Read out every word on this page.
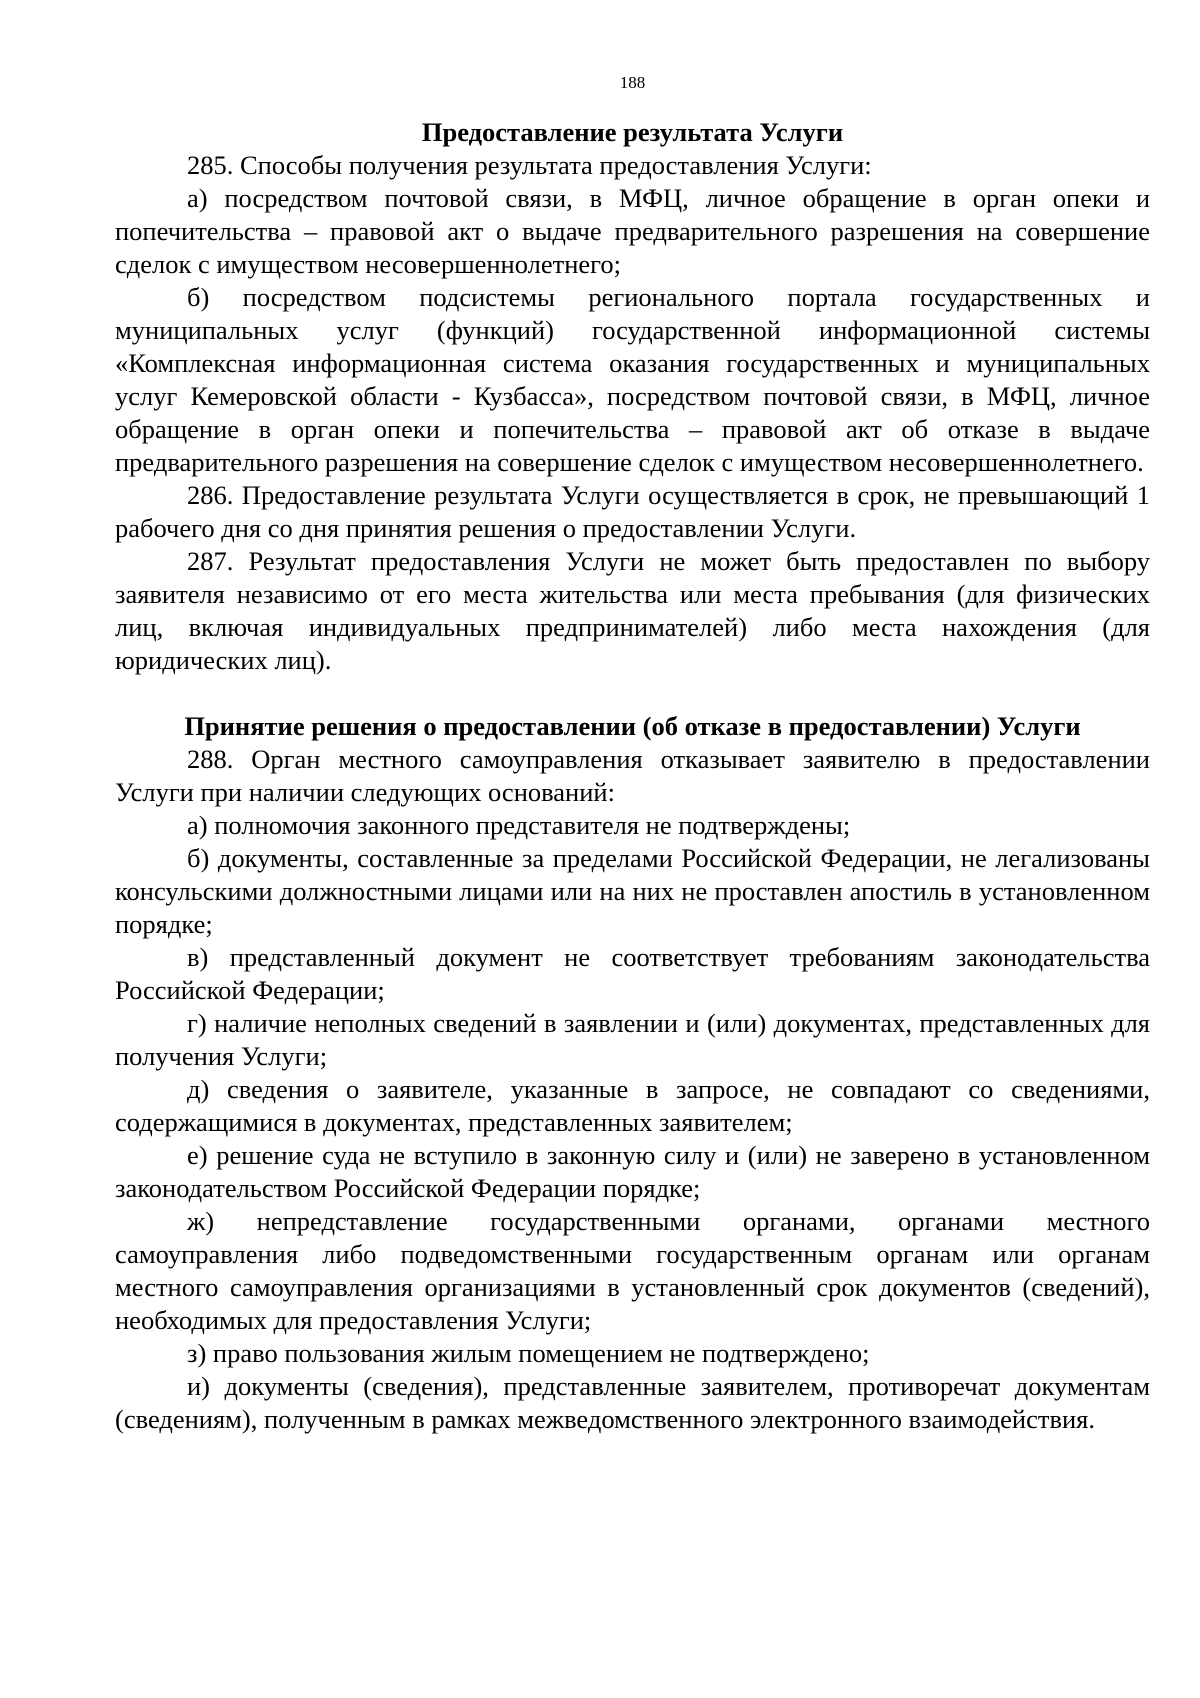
188
Предоставление результата Услуги

285. Способы получения результата предоставления Услуги:

а) посредством почтовой связи, в МФЦ, личное обращение в орган опеки и попечительства – правовой акт о выдаче предварительного разрешения на совершение сделок с имуществом несовершеннолетнего;

б) посредством подсистемы регионального портала государственных и муниципальных услуг (функций) государственной информационной системы «Комплексная информационная система оказания государственных и муниципальных услуг Кемеровской области - Кузбасса», посредством почтовой связи, в МФЦ, личное обращение в орган опеки и попечительства – правовой акт об отказе в выдаче предварительного разрешения на совершение сделок с имуществом несовершеннолетнего.

286. Предоставление результата Услуги осуществляется в срок, не превышающий 1 рабочего дня со дня принятия решения о предоставлении Услуги.

287. Результат предоставления Услуги не может быть предоставлен по выбору заявителя независимо от его места жительства или места пребывания (для физических лиц, включая индивидуальных предпринимателей) либо места нахождения (для юридических лиц).

Принятие решения о предоставлении (об отказе в предоставлении) Услуги

288. Орган местного самоуправления отказывает заявителю в предоставлении Услуги при наличии следующих оснований:

а) полномочия законного представителя не подтверждены;

б) документы, составленные за пределами Российской Федерации, не легализованы консульскими должностными лицами или на них не проставлен апостиль в установленном порядке;

в) представленный документ не соответствует требованиям законодательства Российской Федерации;

г) наличие неполных сведений в заявлении и (или) документах, представленных для получения Услуги;

д) сведения о заявителе, указанные в запросе, не совпадают со сведениями, содержащимися в документах, представленных заявителем;

е) решение суда не вступило в законную силу и (или) не заверено в установленном законодательством Российской Федерации порядке;

ж) непредставление государственными органами, органами местного самоуправления либо подведомственными государственным органам или органам местного самоуправления организациями в установленный срок документов (сведений), необходимых для предоставления Услуги;

з) право пользования жилым помещением не подтверждено;

и) документы (сведения), представленные заявителем, противоречат документам (сведениям), полученным в рамках межведомственного электронного взаимодействия.
